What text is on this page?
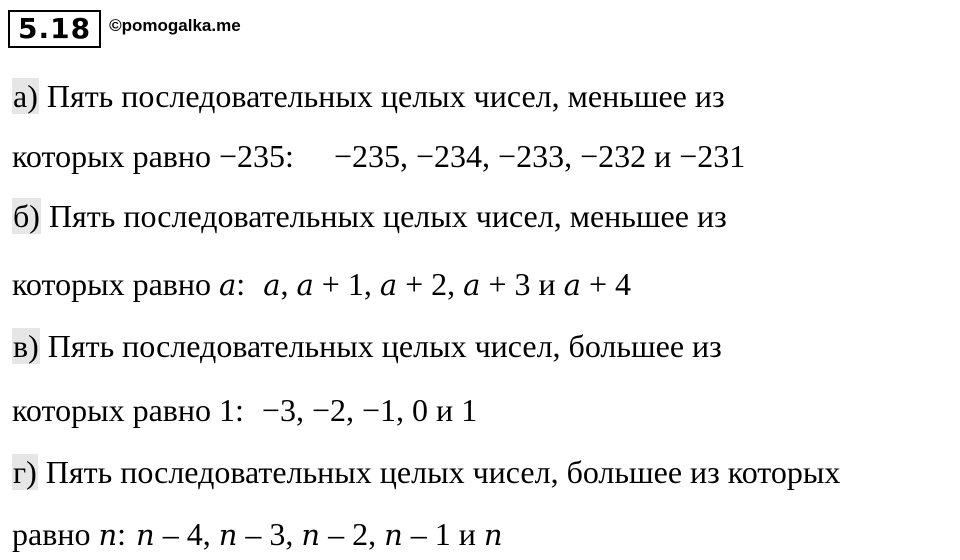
5.18	©pomogalka.me
а) Пять последовательных целых чисел, меньшее из
которых равно −235: −235, −234, −233, −232 и −231
б) Пять последовательных целых чисел, меньшее из
которых равно a: a, a + 1, a + 2, a + 3 и a + 4
в) Пять последовательных целых чисел, большее из
которых равно 1: −3, −2, −1, 0 и 1
г) Пять последовательных целых чисел, большее из которых
равно n: n – 4, n – 3, n – 2, n – 1 и n
